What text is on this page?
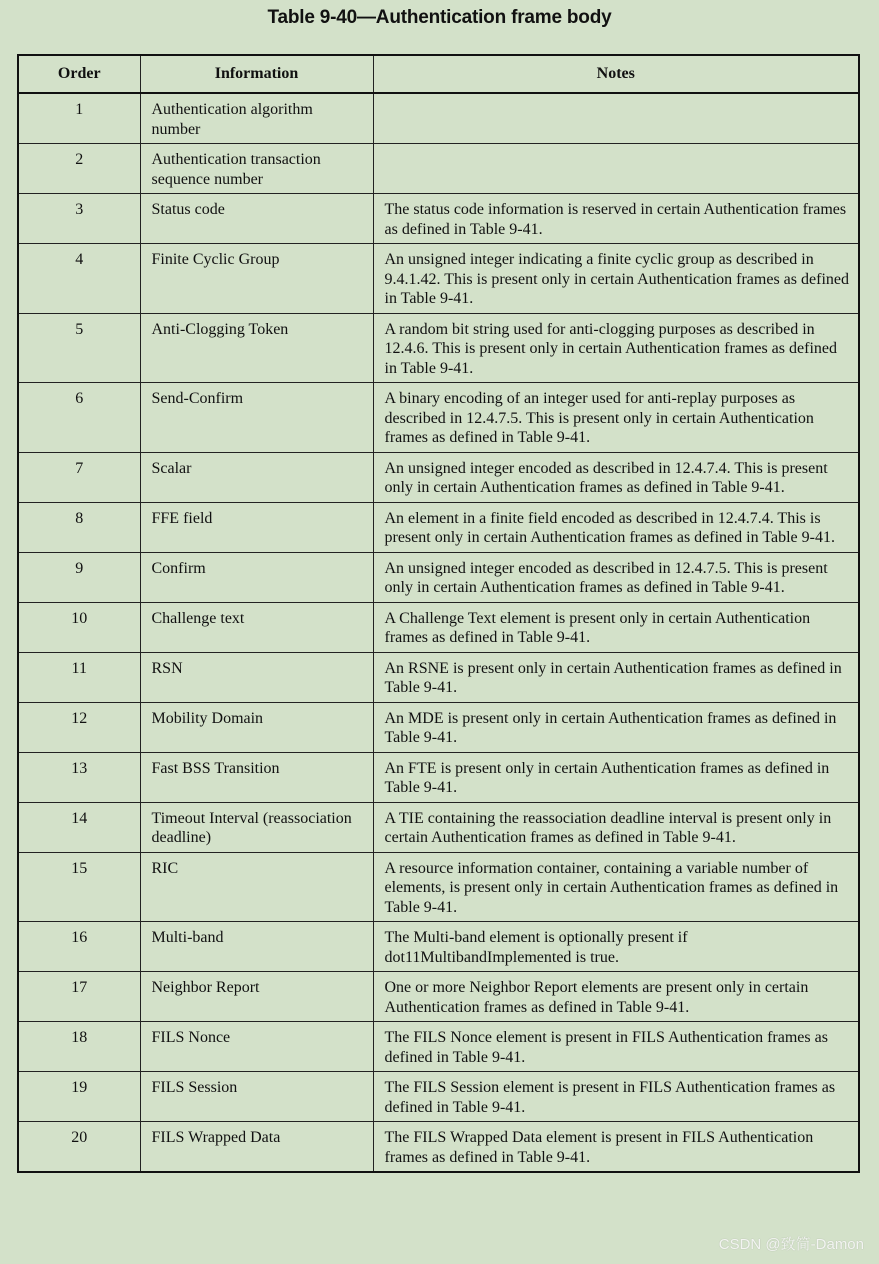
Table 9-40—Authentication frame body
Order	Information	Notes
1	Authentication algorithm number	
2	Authentication transaction sequence number	
3	Status code	The status code information is reserved in certain Authentication frames as defined in Table 9-41.
4	Finite Cyclic Group	An unsigned integer indicating a finite cyclic group as described in 9.4.1.42. This is present only in certain Authentication frames as defined in Table 9-41.
5	Anti-Clogging Token	A random bit string used for anti-clogging purposes as described in 12.4.6. This is present only in certain Authentication frames as defined in Table 9-41.
6	Send-Confirm	A binary encoding of an integer used for anti-replay purposes as described in 12.4.7.5. This is present only in certain Authentication frames as defined in Table 9-41.
7	Scalar	An unsigned integer encoded as described in 12.4.7.4. This is present only in certain Authentication frames as defined in Table 9-41.
8	FFE field	An element in a finite field encoded as described in 12.4.7.4. This is present only in certain Authentication frames as defined in Table 9-41.
9	Confirm	An unsigned integer encoded as described in 12.4.7.5. This is present only in certain Authentication frames as defined in Table 9-41.
10	Challenge text	A Challenge Text element is present only in certain Authentication frames as defined in Table 9-41.
11	RSN	An RSNE is present only in certain Authentication frames as defined in Table 9-41.
12	Mobility Domain	An MDE is present only in certain Authentication frames as defined in Table 9-41.
13	Fast BSS Transition	An FTE is present only in certain Authentication frames as defined in Table 9-41.
14	Timeout Interval (reassociation deadline)	A TIE containing the reassociation deadline interval is present only in certain Authentication frames as defined in Table 9-41.
15	RIC	A resource information container, containing a variable number of elements, is present only in certain Authentication frames as defined in Table 9-41.
16	Multi-band	The Multi-band element is optionally present if dot11MultibandImplemented is true.
17	Neighbor Report	One or more Neighbor Report elements are present only in certain Authentication frames as defined in Table 9-41.
18	FILS Nonce	The FILS Nonce element is present in FILS Authentication frames as defined in Table 9-41.
19	FILS Session	The FILS Session element is present in FILS Authentication frames as defined in Table 9-41.
20	FILS Wrapped Data	The FILS Wrapped Data element is present in FILS Authentication frames as defined in Table 9-41.
CSDN @致简-Damon
